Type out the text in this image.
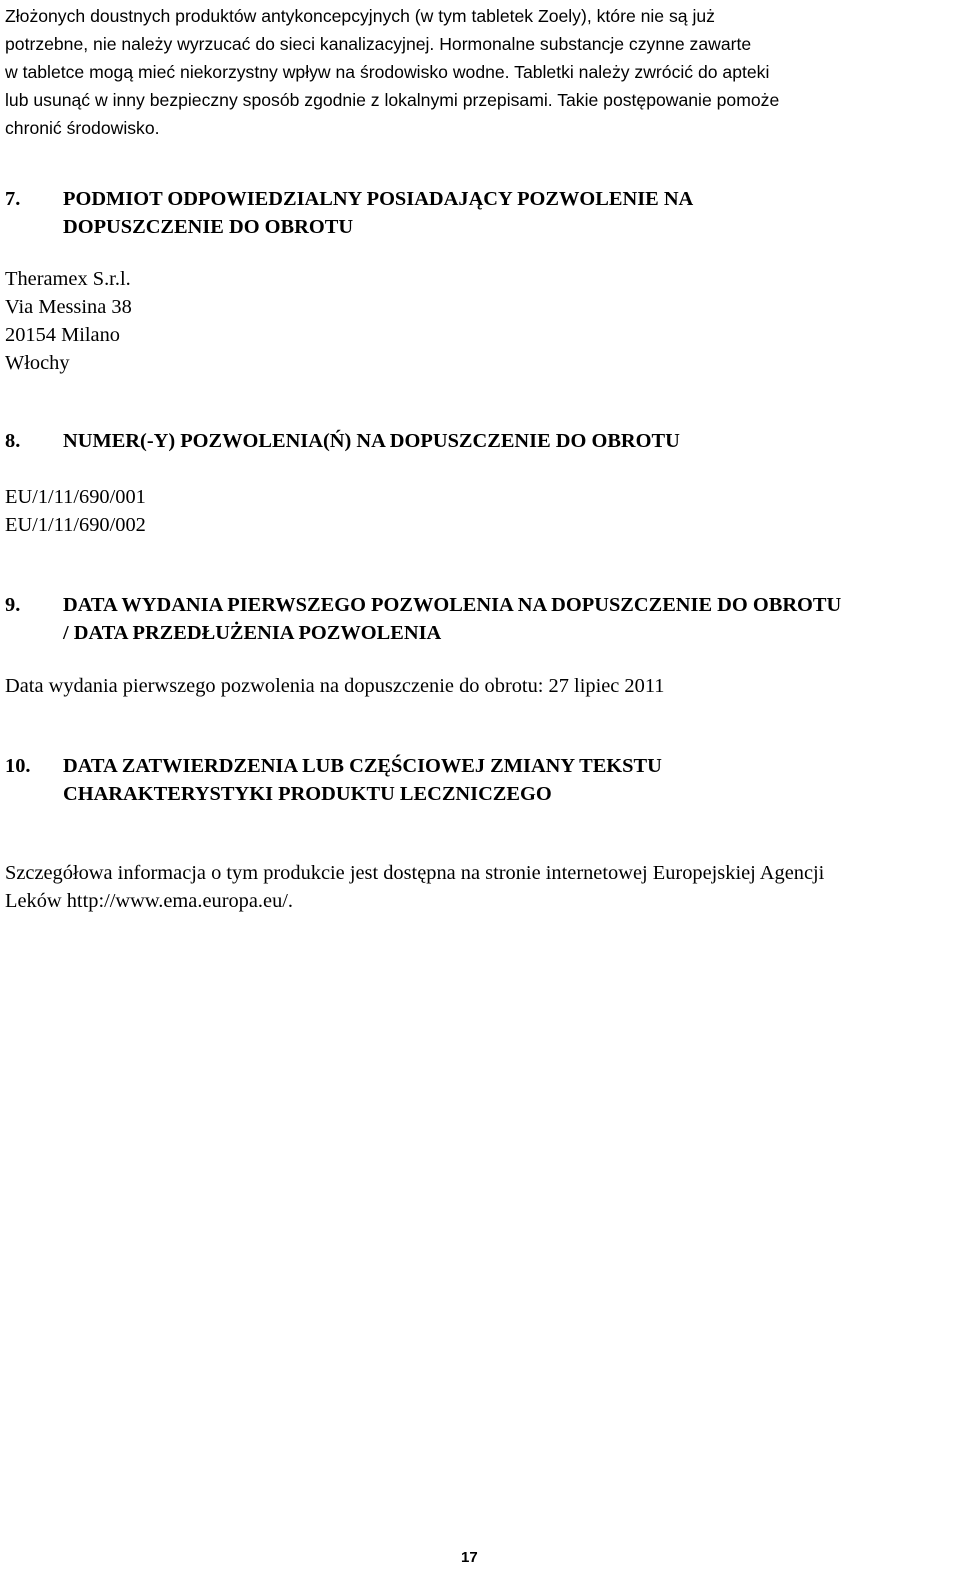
Złożonych doustnych produktów antykoncepcyjnych (w tym tabletek Zoely), które nie są już
potrzebne, nie należy wyrzucać do sieci kanalizacyjnej. Hormonalne substancje czynne zawarte
w tabletce mogą mieć niekorzystny wpływ na środowisko wodne. Tabletki należy zwrócić do apteki
lub usunąć w inny bezpieczny sposób zgodnie z lokalnymi przepisami. Takie postępowanie pomoże
chronić środowisko.

7. PODMIOT ODPOWIEDZIALNY POSIADAJĄCY POZWOLENIE NA
DOPUSZCZENIE DO OBROTU
Theramex S.r.l.
Via Messina 38
20154 Milano
Włochy
8. NUMER(-Y) POZWOLENIA(Ń) NA DOPUSZCZENIE DO OBROTU
EU/1/11/690/001
EU/1/11/690/002
9. DATA WYDANIA PIERWSZEGO POZWOLENIA NA DOPUSZCZENIE DO OBROTU
/ DATA PRZEDŁUŻENIA POZWOLENIA

Data wydania pierwszego pozwolenia na dopuszczenie do obrotu: 27 lipiec 2011

10. DATA ZATWIERDZENIA LUB CZĘŚCIOWEJ ZMIANY TEKSTU
CHARAKTERYSTYKI PRODUKTU LECZNICZEGO

Szczegółowa informacja o tym produkcie jest dostępna na stronie internetowej Europejskiej Agencji
Leków http://www.ema.europa.eu/.

17
